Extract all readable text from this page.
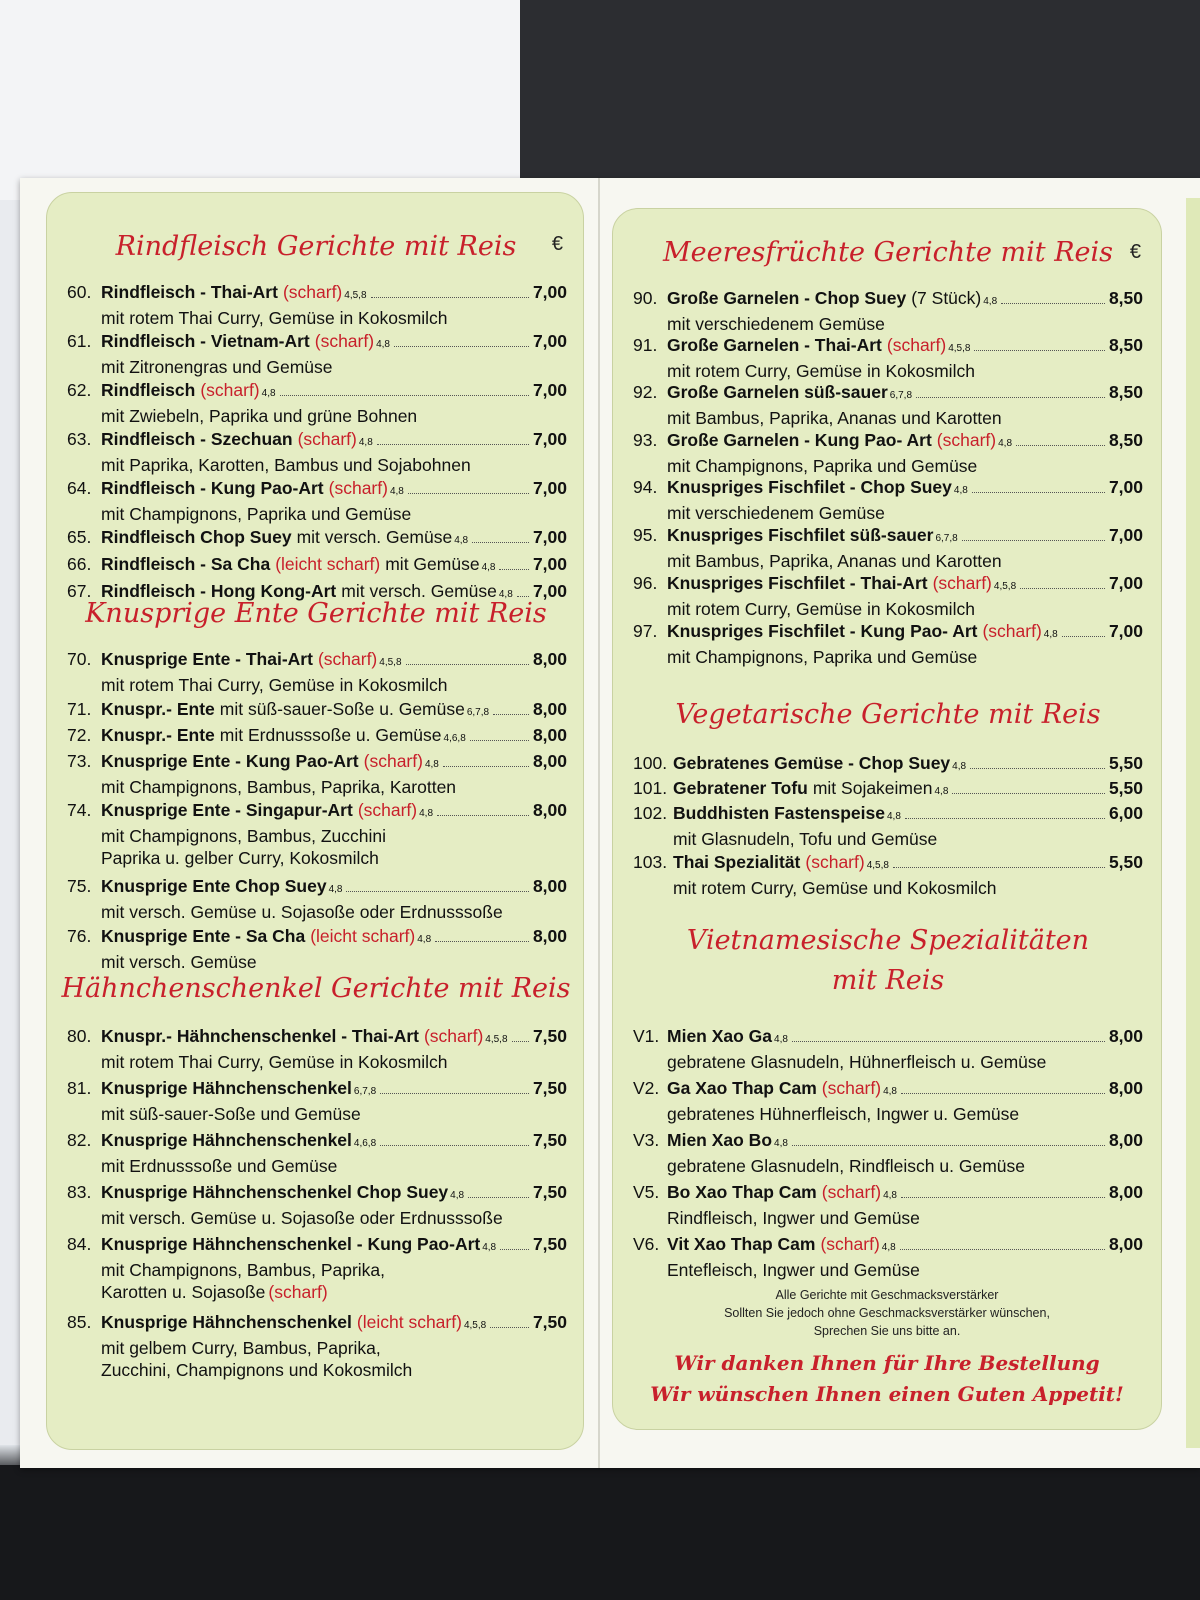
Rindfleisch Gerichte mit Reis	€
60. Rindfleisch - Thai-Art (scharf) 4,5,8	7,00
mit rotem Thai Curry, Gemüse in Kokosmilch
61. Rindfleisch - Vietnam-Art (scharf) 4,8	7,00
mit Zitronengras und Gemüse
62. Rindfleisch (scharf) 4,8	7,00
mit Zwiebeln, Paprika und grüne Bohnen
63. Rindfleisch - Szechuan (scharf) 4,8	7,00
mit Paprika, Karotten, Bambus und Sojabohnen
64. Rindfleisch - Kung Pao-Art (scharf) 4,8	7,00
mit Champignons, Paprika und Gemüse
65. Rindfleisch Chop Suey mit versch. Gemüse 4,8	7,00
66. Rindfleisch - Sa Cha (leicht scharf) mit Gemüse 4,8 7,00
67. Rindfleisch - Hong Kong-Art mit versch. Gemüse 4,8 7,00
Knusprige Ente Gerichte mit Reis
70. Knusprige Ente - Thai-Art (scharf) 4,5,8	8,00
mit rotem Thai Curry, Gemüse in Kokosmilch
71. Knuspr.- Ente mit süß-sauer-Soße u. Gemüse 6,7,8	8,00
72. Knuspr.- Ente mit Erdnusssoße u. Gemüse 4,6,8	8,00
73. Knusprige Ente - Kung Pao-Art (scharf) 4,8	8,00
mit Champignons, Bambus, Paprika, Karotten
74. Knusprige Ente - Singapur-Art (scharf) 4,8	8,00
mit Champignons, Bambus, Zucchini
Paprika u. gelber Curry, Kokosmilch
75. Knusprige Ente Chop Suey 4,8	8,00
mit versch. Gemüse u. Sojasoße oder Erdnusssoße
76. Knusprige Ente - Sa Cha (leicht scharf) 4,8	8,00
mit versch. Gemüse
Hähnchenschenkel Gerichte mit Reis
80. Knuspr.- Hähnchenschenkel - Thai-Art (scharf) 4,5,8 7,50
mit rotem Thai Curry, Gemüse in Kokosmilch
81. Knusprige Hähnchenschenkel 6,7,8	7,50
mit süß-sauer-Soße und Gemüse
82. Knusprige Hähnchenschenkel 4,6,8	7,50
mit Erdnusssoße und Gemüse
83. Knusprige Hähnchenschenkel Chop Suey 4,8	7,50
mit versch. Gemüse u. Sojasoße oder Erdnusssoße
84. Knusprige Hähnchenschenkel - Kung Pao-Art 4,8 7,50
mit Champignons, Bambus, Paprika,
Karotten u. Sojasoße (scharf)
85. Knusprige Hähnchenschenkel (leicht scharf) 4,5,8	7,50
mit gelbem Curry, Bambus, Paprika,
Zucchini, Champignons und Kokosmilch
Meeresfrüchte Gerichte mit Reis €
90. Große Garnelen - Chop Suey (7 Stück) 4,8	8,50
mit verschiedenem Gemüse
91. Große Garnelen - Thai-Art (scharf) 4,5,8	8,50
mit rotem Curry, Gemüse in Kokosmilch
92. Große Garnelen süß-sauer 6,7,8	8,50
mit Bambus, Paprika, Ananas und Karotten
93. Große Garnelen - Kung Pao- Art (scharf) 4,8	8,50
mit Champignons, Paprika und Gemüse
94. Knuspriges Fischfilet - Chop Suey 4,8	7,00
mit verschiedenem Gemüse
95. Knuspriges Fischfilet süß-sauer 6,7,8	7,00
mit Bambus, Paprika, Ananas und Karotten
96. Knuspriges Fischfilet - Thai-Art (scharf) 4,5,8	7,00
mit rotem Curry, Gemüse in Kokosmilch
97. Knuspriges Fischfilet - Kung Pao- Art (scharf) 4,8	7,00
mit Champignons, Paprika und Gemüse
Vegetarische Gerichte mit Reis
100. Gebratenes Gemüse - Chop Suey 4,8	5,50
101. Gebratener Tofu mit Sojakeimen 4,8	5,50
102. Buddhisten Fastenspeise 4,8	6,00
mit Glasnudeln, Tofu und Gemüse
103. Thai Spezialität (scharf) 4,5,8	5,50
mit rotem Curry, Gemüse und Kokosmilch
Vietnamesische Spezialitäten
mit Reis
V1. Mien Xao Ga 4,8	8,00
gebratene Glasnudeln, Hühnerfleisch u. Gemüse
V2. Ga Xao Thap Cam (scharf) 4,8	8,00
gebratenes Hühnerfleisch, Ingwer u. Gemüse
V3. Mien Xao Bo 4,8	8,00
gebratene Glasnudeln, Rindfleisch u. Gemüse
V5. Bo Xao Thap Cam (scharf) 4,8	8,00
Rindfleisch, Ingwer und Gemüse
V6. Vit Xao Thap Cam (scharf) 4,8	8,00
Entefleisch, Ingwer und Gemüse
Alle Gerichte mit Geschmacksverstärker
Sollten Sie jedoch ohne Geschmacksverstärker wünschen,
Sprechen Sie uns bitte an.
Wir danken Ihnen für Ihre Bestellung
Wir wünschen Ihnen einen Guten Appetit!
